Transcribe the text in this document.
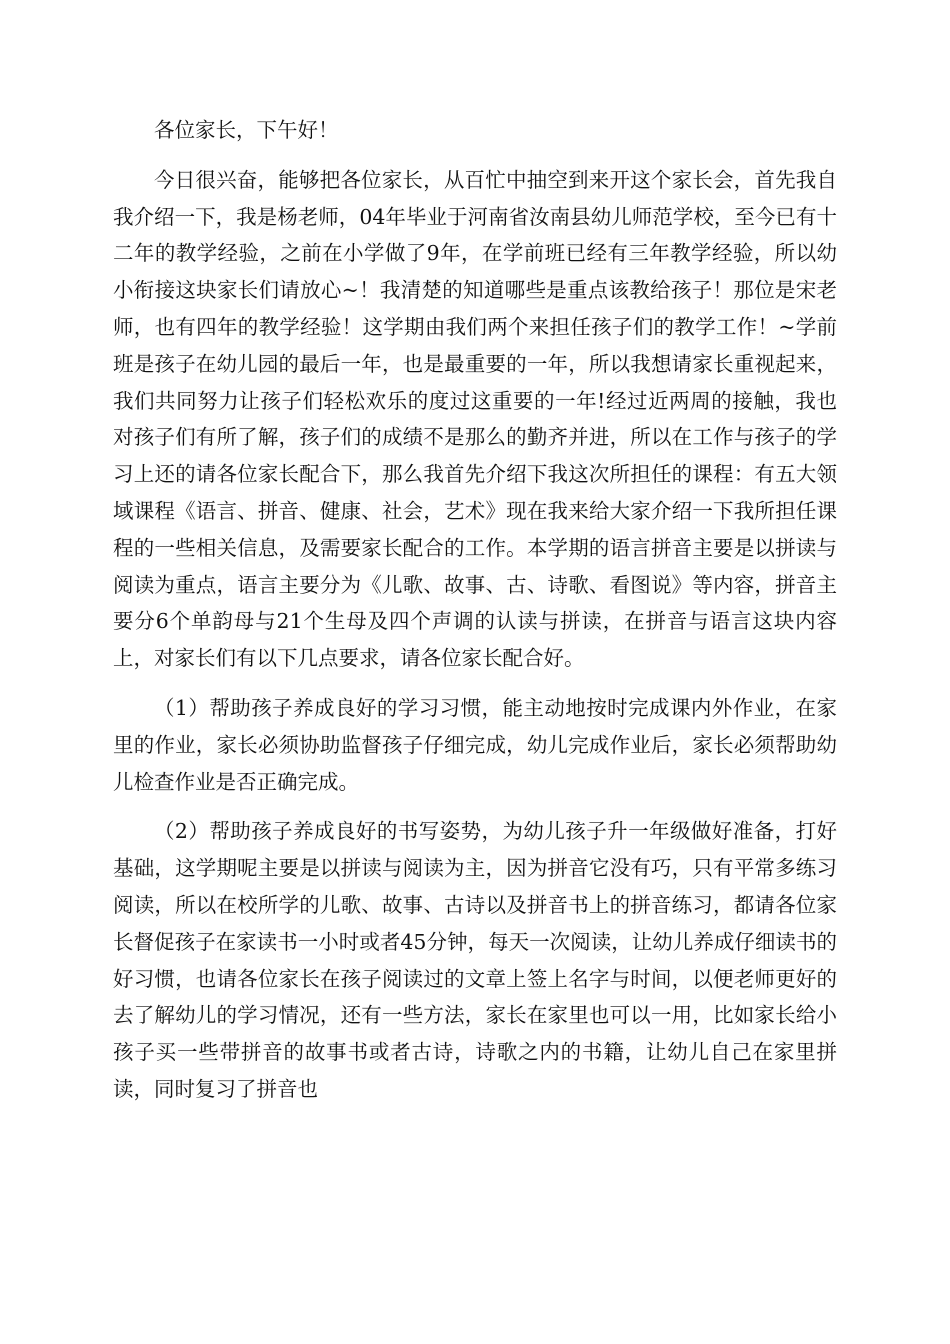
各位家长，下午好！

今日很兴奋，能够把各位家长，从百忙中抽空到来开这个家长会，首先我自我介绍一下，我是杨老师，04年毕业于河南省汝南县幼儿师范学校，至今已有十二年的教学经验，之前在小学做了9年，在学前班已经有三年教学经验，所以幼小衔接这块家长们请放心~！我清楚的知道哪些是重点该教给孩子！那位是宋老师，也有四年的教学经验！这学期由我们两个来担任孩子们的教学工作！~学前班是孩子在幼儿园的最后一年，也是最重要的一年，所以我想请家长重视起来，我们共同努力让孩子们轻松欢乐的度过这重要的一年!经过近两周的接触，我也对孩子们有所了解，孩子们的成绩不是那么的勤齐并进，所以在工作与孩子的学习上还的请各位家长配合下，那么我首先介绍下我这次所担任的课程：有五大领域课程《语言、拼音、健康、社会，艺术》现在我来给大家介绍一下我所担任课程的一些相关信息，及需要家长配合的工作。本学期的语言拼音主要是以拼读与阅读为重点，语言主要分为《儿歌、故事、古、诗歌、看图说》等内容，拼音主要分6个单韵母与21个生母及四个声调的认读与拼读，在拼音与语言这块内容上，对家长们有以下几点要求，请各位家长配合好。

（1）帮助孩子养成良好的学习习惯，能主动地按时完成课内外作业，在家里的作业，家长必须协助监督孩子仔细完成，幼儿完成作业后，家长必须帮助幼儿检查作业是否正确完成。

（2）帮助孩子养成良好的书写姿势，为幼儿孩子升一年级做好准备，打好基础，这学期呢主要是以拼读与阅读为主，因为拼音它没有巧，只有平常多练习阅读，所以在校所学的儿歌、故事、古诗以及拼音书上的拼音练习，都请各位家长督促孩子在家读书一小时或者45分钟，每天一次阅读，让幼儿养成仔细读书的好习惯，也请各位家长在孩子阅读过的文章上签上名字与时间，以便老师更好的去了解幼儿的学习情况，还有一些方法，家长在家里也可以一用，比如家长给小孩子买一些带拼音的故事书或者古诗，诗歌之内的书籍，让幼儿自己在家里拼读，同时复习了拼音也
